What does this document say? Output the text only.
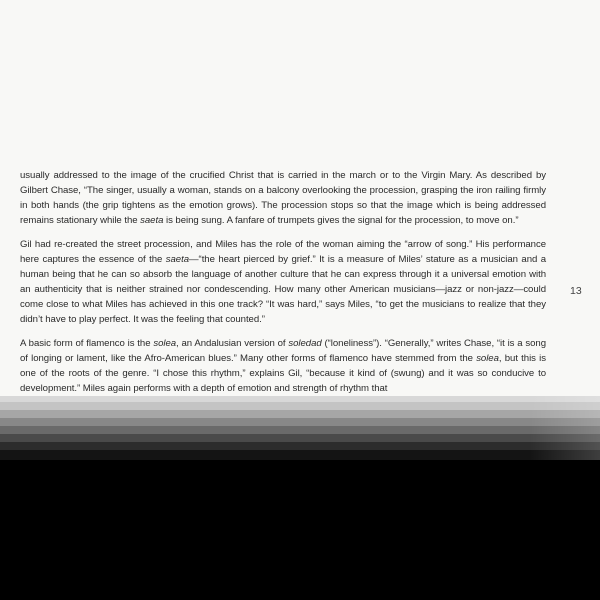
usually addressed to the image of the crucified Christ that is carried in the march or to the Virgin Mary. As described by Gilbert Chase, “The singer, usually a woman, stands on a balcony overlooking the procession, grasping the iron railing firmly in both hands (the grip tightens as the emotion grows). The procession stops so that the image which is being addressed remains stationary while the saeta is being sung. A fanfare of trumpets gives the signal for the procession, to move on.”

Gil had re-created the street procession, and Miles has the role of the woman aiming the “arrow of song.” His performance here captures the essence of the saeta—“the heart pierced by grief.” It is a measure of Miles’ stature as a musician and a human being that he can so absorb the language of another culture that he can express through it a universal emotion with an authenticity that is neither strained nor condescending. How many other American musicians—jazz or non-jazz—could come close to what Miles has achieved in this one track? “It was hard,” says Miles, “to get the musicians to realize that they didn’t have to play perfect. It was the feeling that counted.”

A basic form of flamenco is the solea, an Andalusian version of soledad (“loneliness”). “Generally,” writes Chase, “it is a song of longing or lament, like the Afro-American blues.” Many other forms of flamenco have stemmed from the solea, but this is one of the roots of the genre. “I chose this rhythm,” explains Gil, “because it kind of (swung) and it was so conducive to development.” Miles again performs with a depth of emotion and strength of rhythm that

13
